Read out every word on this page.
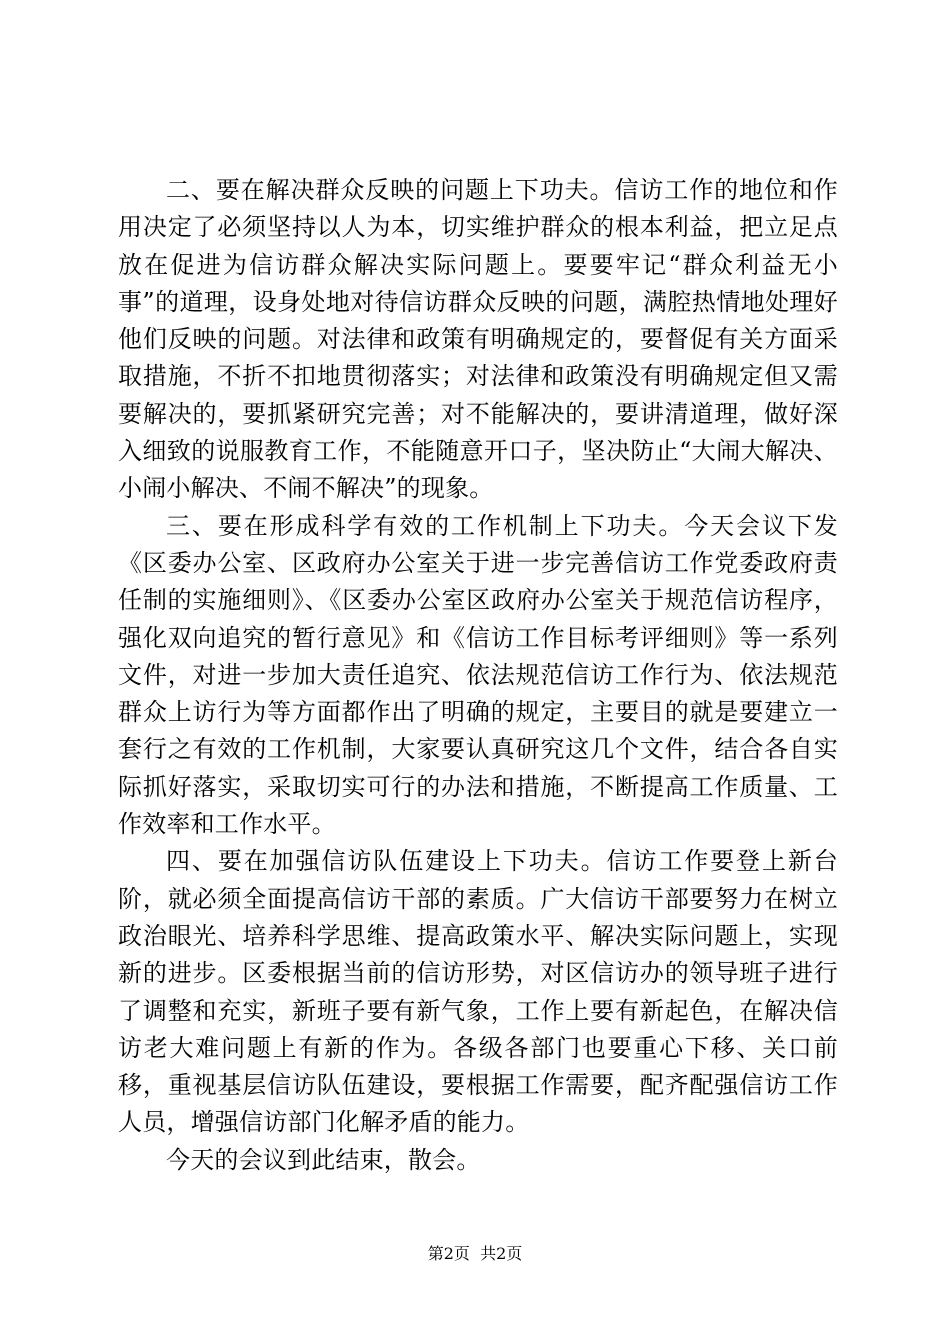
二、要在解决群众反映的问题上下功夫。信访工作的地位和作用决定了必须坚持以人为本，切实维护群众的根本利益，把立足点放在促进为信访群众解决实际问题上。要要牢记“群众利益无小事”的道理，设身处地对待信访群众反映的问题，满腔热情地处理好他们反映的问题。对法律和政策有明确规定的，要督促有关方面采取措施，不折不扣地贯彻落实；对法律和政策没有明确规定但又需要解决的，要抓紧研究完善；对不能解决的，要讲清道理，做好深入细致的说服教育工作，不能随意开口子，坚决防止“大闹大解决、小闹小解决、不闹不解决”的现象。

三、要在形成科学有效的工作机制上下功夫。今天会议下发《区委办公室、区政府办公室关于进一步完善信访工作党委政府责任制的实施细则》、《区委办公室区政府办公室关于规范信访程序，强化双向追究的暂行意见》和《信访工作目标考评细则》等一系列文件，对进一步加大责任追究、依法规范信访工作行为、依法规范群众上访行为等方面都作出了明确的规定，主要目的就是要建立一套行之有效的工作机制，大家要认真研究这几个文件，结合各自实际抓好落实，采取切实可行的办法和措施，不断提高工作质量、工作效率和工作水平。

四、要在加强信访队伍建设上下功夫。信访工作要登上新台阶，就必须全面提高信访干部的素质。广大信访干部要努力在树立政治眼光、培养科学思维、提高政策水平、解决实际问题上，实现新的进步。区委根据当前的信访形势，对区信访办的领导班子进行了调整和充实，新班子要有新气象，工作上要有新起色，在解决信访老大难问题上有新的作为。各级各部门也要重心下移、关口前移，重视基层信访队伍建设，要根据工作需要，配齐配强信访工作人员，增强信访部门化解矛盾的能力。

今天的会议到此结束，散会。

第2页  共2页
